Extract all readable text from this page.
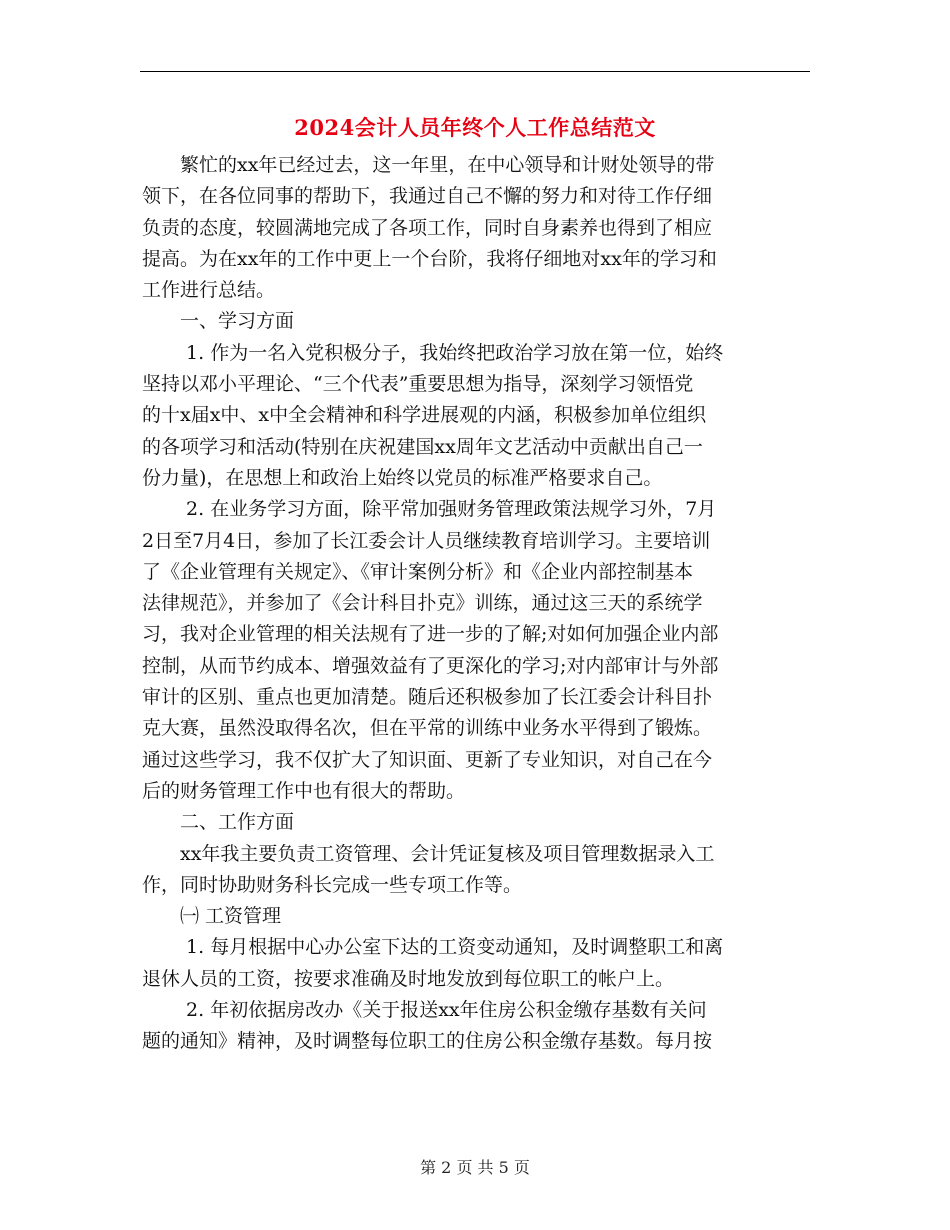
2024会计人员年终个人工作总结范文
　　繁忙的xx年已经过去，这一年里，在中心领导和计财处领导的带
领下，在各位同事的帮助下，我通过自己不懈的努力和对待工作仔细
负责的态度，较圆满地完成了各项工作，同时自身素养也得到了相应
提高。为在xx年的工作中更上一个台阶，我将仔细地对xx年的学习和
工作进行总结。
　　一、学习方面
　　 1. 作为一名入党积极分子，我始终把政治学习放在第一位，始终
坚持以邓小平理论、“三个代表”重要思想为指导，深刻学习领悟党
的十x届x中、x中全会精神和科学进展观的内涵，积极参加单位组织
的各项学习和活动(特别在庆祝建国xx周年文艺活动中贡献出自己一
份力量)，在思想上和政治上始终以党员的标准严格要求自己。
　　 2. 在业务学习方面，除平常加强财务管理政策法规学习外，7月
2日至7月4日，参加了长江委会计人员继续教育培训学习。主要培训
了《企业管理有关规定》、《审计案例分析》和《企业内部控制基本
法律规范》，并参加了《会计科目扑克》训练，通过这三天的系统学
习，我对企业管理的相关法规有了进一步的了解;对如何加强企业内部
控制，从而节约成本、增强效益有了更深化的学习;对内部审计与外部
审计的区别、重点也更加清楚。随后还积极参加了长江委会计科目扑
克大赛，虽然没取得名次，但在平常的训练中业务水平得到了锻炼。
通过这些学习，我不仅扩大了知识面、更新了专业知识，对自己在今
后的财务管理工作中也有很大的帮助。
　　二、工作方面
　　xx年我主要负责工资管理、会计凭证复核及项目管理数据录入工
作，同时协助财务科长完成一些专项工作等。
　　㈠ 工资管理
　　 1. 每月根据中心办公室下达的工资变动通知，及时调整职工和离
退休人员的工资，按要求准确及时地发放到每位职工的帐户上。
　　 2. 年初依据房改办《关于报送xx年住房公积金缴存基数有关问
题的通知》精神，及时调整每位职工的住房公积金缴存基数。每月按
第 2 页 共 5 页
